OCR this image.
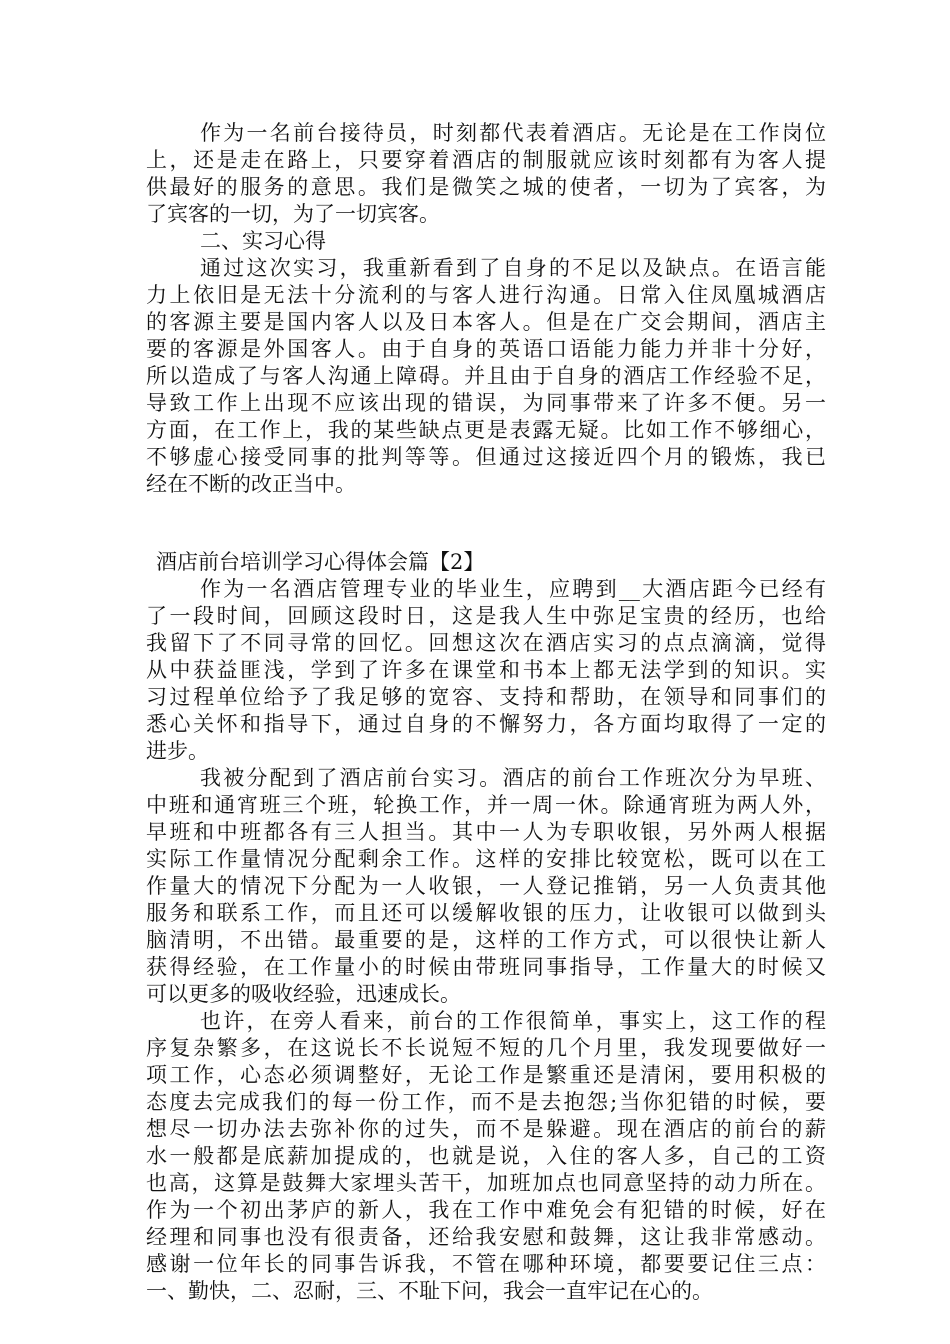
作为一名前台接待员，时刻都代表着酒店。无论是在工作岗位
上，还是走在路上，只要穿着酒店的制服就应该时刻都有为客人提
供最好的服务的意思。我们是微笑之城的使者，一切为了宾客，为
了宾客的一切，为了一切宾客。
二、实习心得
通过这次实习，我重新看到了自身的不足以及缺点。在语言能
力上依旧是无法十分流利的与客人进行沟通。日常入住凤凰城酒店
的客源主要是国内客人以及日本客人。但是在广交会期间，酒店主
要的客源是外国客人。由于自身的英语口语能力能力并非十分好，
所以造成了与客人沟通上障碍。并且由于自身的酒店工作经验不足，
导致工作上出现不应该出现的错误，为同事带来了许多不便。另一
方面，在工作上，我的某些缺点更是表露无疑。比如工作不够细心，
不够虚心接受同事的批判等等。但通过这接近四个月的锻炼，我已
经在不断的改正当中。
酒店前台培训学习心得体会篇【2】
作为一名酒店管理专业的毕业生，应聘到__大酒店距今已经有
了一段时间，回顾这段时日，这是我人生中弥足宝贵的经历，也给
我留下了不同寻常的回忆。回想这次在酒店实习的点点滴滴，觉得
从中获益匪浅，学到了许多在课堂和书本上都无法学到的知识。实
习过程单位给予了我足够的宽容、支持和帮助，在领导和同事们的
悉心关怀和指导下，通过自身的不懈努力，各方面均取得了一定的
进步。
我被分配到了酒店前台实习。酒店的前台工作班次分为早班、
中班和通宵班三个班，轮换工作，并一周一休。除通宵班为两人外，
早班和中班都各有三人担当。其中一人为专职收银，另外两人根据
实际工作量情况分配剩余工作。这样的安排比较宽松，既可以在工
作量大的情况下分配为一人收银，一人登记推销，另一人负责其他
服务和联系工作，而且还可以缓解收银的压力，让收银可以做到头
脑清明，不出错。最重要的是，这样的工作方式，可以很快让新人
获得经验，在工作量小的时候由带班同事指导，工作量大的时候又
可以更多的吸收经验，迅速成长。
也许，在旁人看来，前台的工作很简单，事实上，这工作的程
序复杂繁多，在这说长不长说短不短的几个月里，我发现要做好一
项工作，心态必须调整好，无论工作是繁重还是清闲，要用积极的
态度去完成我们的每一份工作，而不是去抱怨;当你犯错的时候，要
想尽一切办法去弥补你的过失，而不是躲避。现在酒店的前台的薪
水一般都是底薪加提成的，也就是说，入住的客人多，自己的工资
也高，这算是鼓舞大家埋头苦干，加班加点也同意坚持的动力所在。
作为一个初出茅庐的新人，我在工作中难免会有犯错的时候，好在
经理和同事也没有很责备，还给我安慰和鼓舞，这让我非常感动。
感谢一位年长的同事告诉我，不管在哪种环境，都要要记住三点：
一、勤快，二、忍耐，三、不耻下问，我会一直牢记在心的。
